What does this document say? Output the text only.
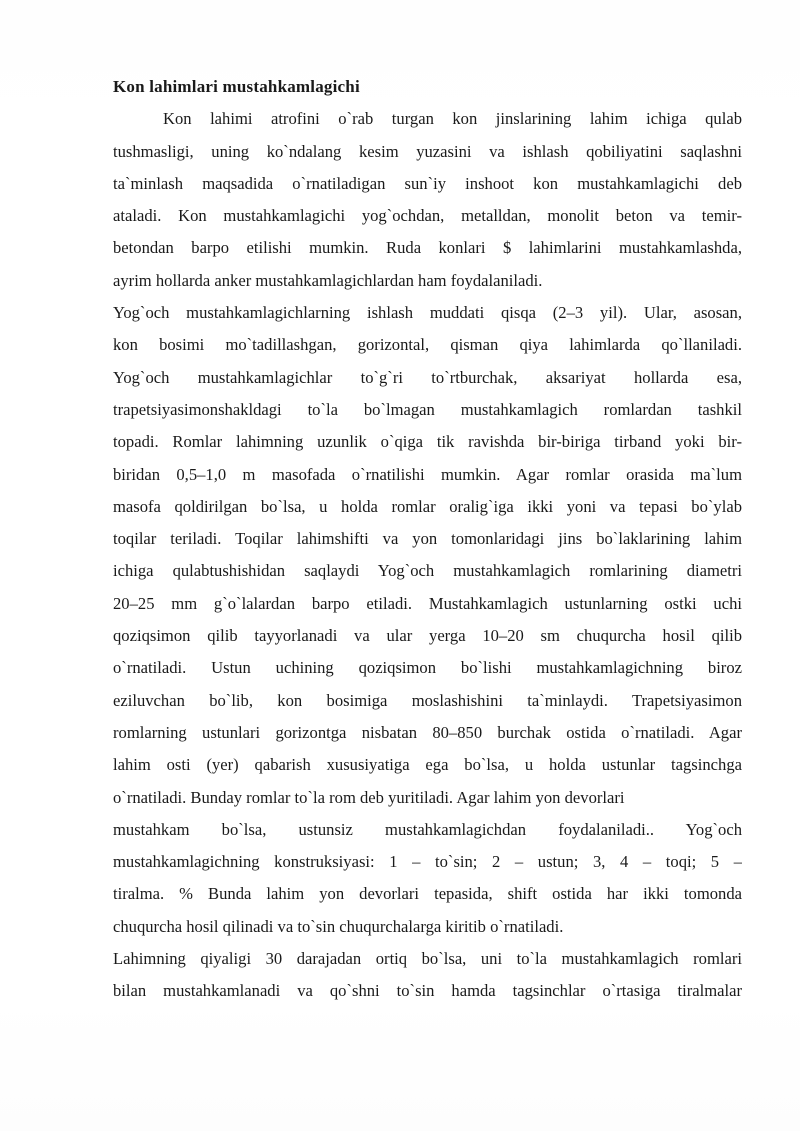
Kon lahimlari mustahkamlagichi
Kon lahimi atrofini o`rab turgan kon jinslarining lahim ichiga qulab
tushmasligi, uning ko`ndalang kesim yuzasini va ishlash qobiliyatini saqlashni
ta`minlash maqsadida o`rnatiladigan sun`iy inshoot kon mustahkamlagichi deb
ataladi. Kon mustahkamlagichi yog`ochdan, metalldan, monolit beton va temir-
betondan barpo etilishi mumkin. Ruda konlari $ lahimlarini mustahkamlashda,
ayrim hollarda anker mustahkamlagichlardan ham foydalaniladi.
Yog`och mustahkamlagichlarning ishlash muddati qisqa (2–3 yil). Ular, asosan,
kon bosimi mo`tadillashgan, gorizontal, qisman qiya lahimlarda qo`llaniladi.
Yog`och mustahkamlagichlar to`g`ri to`rtburchak, aksariyat hollarda esa,
trapetsiyasimonshakldagi to`la bo`lmagan mustahkamlagich romlardan tashkil
topadi. Romlar lahimning uzunlik o`qiga tik ravishda bir-biriga tirband yoki bir-
biridan 0,5–1,0 m masofada o`rnatilishi mumkin. Agar romlar orasida ma`lum
masofa qoldirilgan bo`lsa, u holda romlar oralig`iga ikki yoni va tepasi bo`ylab
toqilar teriladi. Toqilar lahimshifti va yon tomonlaridagi jins bo`laklarining lahim
ichiga qulabtushishidan saqlaydi Yog`och mustahkamlagich romlarining diametri
20–25 mm g`o`lalardan barpo etiladi. Mustahkamlagich ustunlarning ostki uchi
qoziqsimon qilib tayyorlanadi va ular yerga 10–20 sm chuqurcha hosil qilib
o`rnatiladi. Ustun uchining qoziqsimon bo`lishi mustahkamlagichning biroz
eziluvchan bo`lib, kon bosimiga moslashishini ta`minlaydi. Trapetsiyasimon
romlarning ustunlari gorizontga nisbatan 80–850 burchak ostida o`rnatiladi. Agar
lahim osti (yer) qabarish xususiyatiga ega bo`lsa, u holda ustunlar tagsinchga
o`rnatiladi. Bunday romlar to`la rom deb yuritiladi. Agar lahim yon devorlari
mustahkam bo`lsa, ustunsiz mustahkamlagichdan foydalaniladi.. Yog`och
mustahkamlagichning konstruksiyasi: 1 – to`sin; 2 – ustun; 3, 4 – toqi; 5 –
tiralma. % Bunda lahim yon devorlari tepasida, shift ostida har ikki tomonda
chuqurcha hosil qilinadi va to`sin chuqurchalarga kiritib o`rnatiladi.
Lahimning qiyaligi 30 darajadan ortiq bo`lsa, uni to`la mustahkamlagich romlari
bilan mustahkamlanadi va qo`shni to`sin hamda tagsinchlar o`rtasiga tiralmalar
